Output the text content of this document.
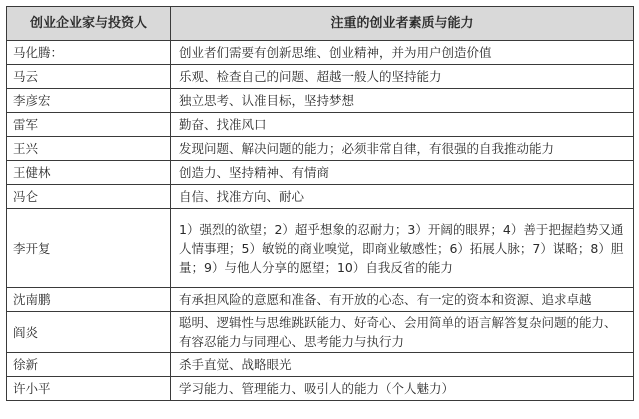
创业企业家与投资人	注重的创业者素质与能力
马化腾：	创业者们需要有创新思维、创业精神，并为用户创造价值
马云	乐观、检查自己的问题、超越一般人的坚持能力
李彦宏	独立思考、认准目标，坚持梦想
雷军	勤奋、找准风口
王兴	发现问题、解决问题的能力；必须非常自律，有很强的自我推动能力
王健林	创造力、坚持精神、有情商
冯仑	自信、找准方向、耐心
李开复	1）强烈的欲望；2）超乎想象的忍耐力；3）开阔的眼界；4）善于把握趋势又通人情事理；5）敏锐的商业嗅觉，即商业敏感性；6）拓展人脉；7）谋略；8）胆量；9）与他人分享的愿望；10）自我反省的能力
沈南鹏	有承担风险的意愿和准备、有开放的心态、有一定的资本和资源、追求卓越
阎炎	聪明、逻辑性与思维跳跃能力、好奇心、会用简单的语言解答复杂问题的能力、有容忍能力与同理心、思考能力与执行力
徐新	杀手直觉、战略眼光
许小平	学习能力、管理能力、吸引人的能力（个人魅力）
